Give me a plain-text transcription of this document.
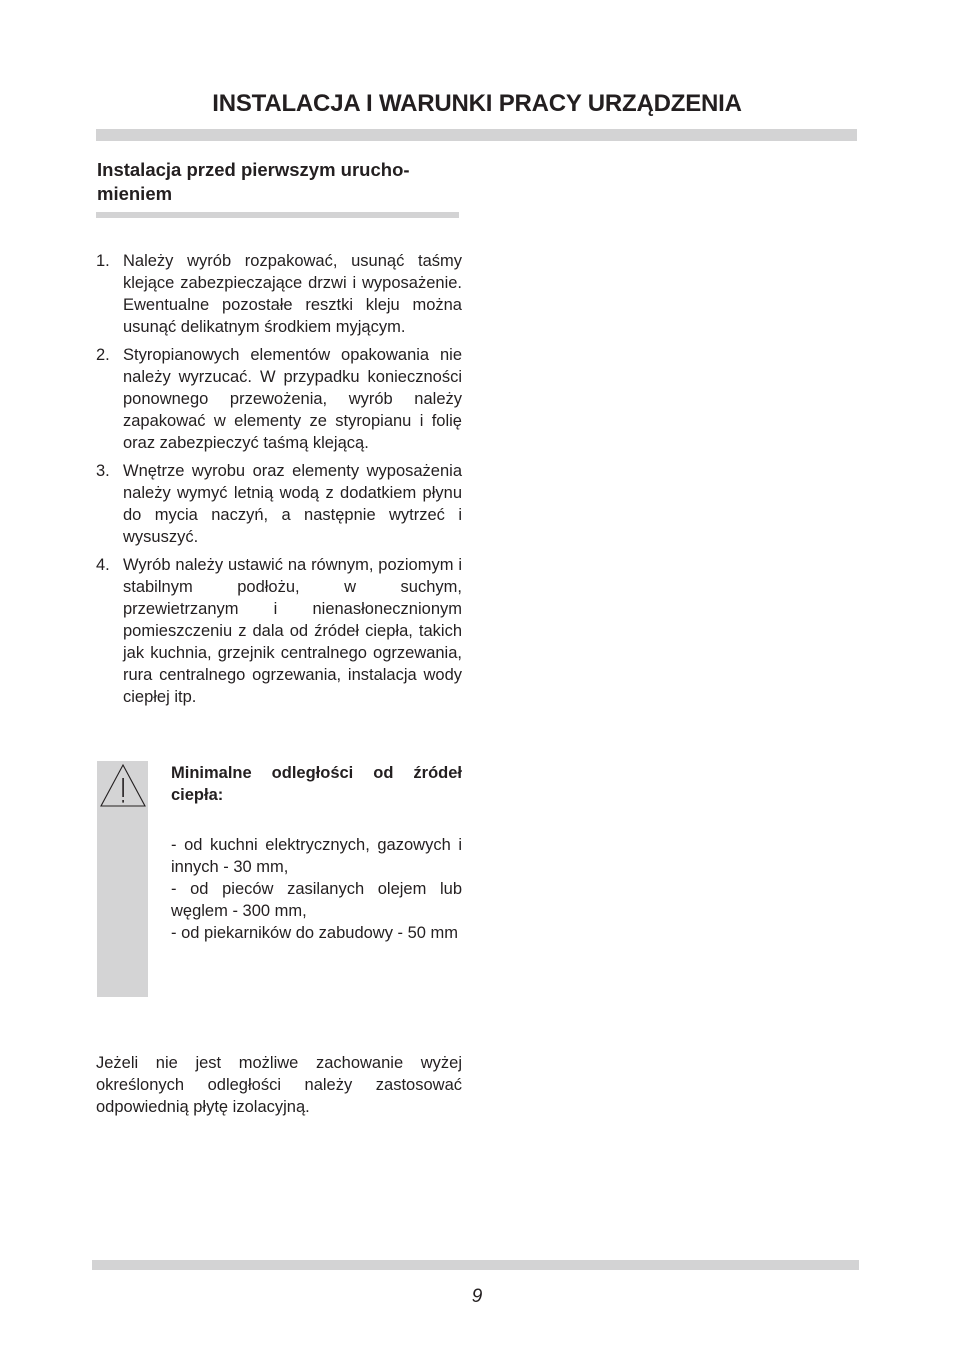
INSTALACJA I WARUNKI PRACY URZĄDZENIA
Instalacja przed pierwszym urucho-
mieniem
1. Należy wyrób rozpakować, usunąć taśmy klejące zabezpieczające drzwi i wyposażenie. Ewentualne pozostałe resztki kleju można usunąć delikatnym środkiem myjącym.
2. Styropianowych elementów opakowania nie należy wyrzucać. W przypadku konieczności ponownego przewożenia, wyrób należy zapakować w elementy ze styropianu i folię oraz zabezpieczyć taśmą klejącą.
3. Wnętrze wyrobu oraz elementy wyposażenia należy wymyć letnią wodą z dodatkiem płynu do mycia naczyń, a następnie wytrzeć i wysuszyć.
4. Wyrób należy ustawić na równym, poziomym i stabilnym podłożu, w suchym, przewietrzanym i nienasłonecznionym pomieszczeniu z dala od źródeł ciepła, takich jak kuchnia, grzejnik centralnego ogrzewania, rura centralnego ogrzewania, instalacja wody ciepłej itp.

Minimalne odległości od źródeł ciepła:

- od kuchni elektrycznych, gazowych i innych - 30 mm,
- od pieców zasilanych olejem lub węglem - 300 mm,
- od piekarników do zabudowy - 50 mm

Jeżeli nie jest możliwe zachowanie wyżej określonych odległości należy zastosować odpowiednią płytę izolacyjną.

9
